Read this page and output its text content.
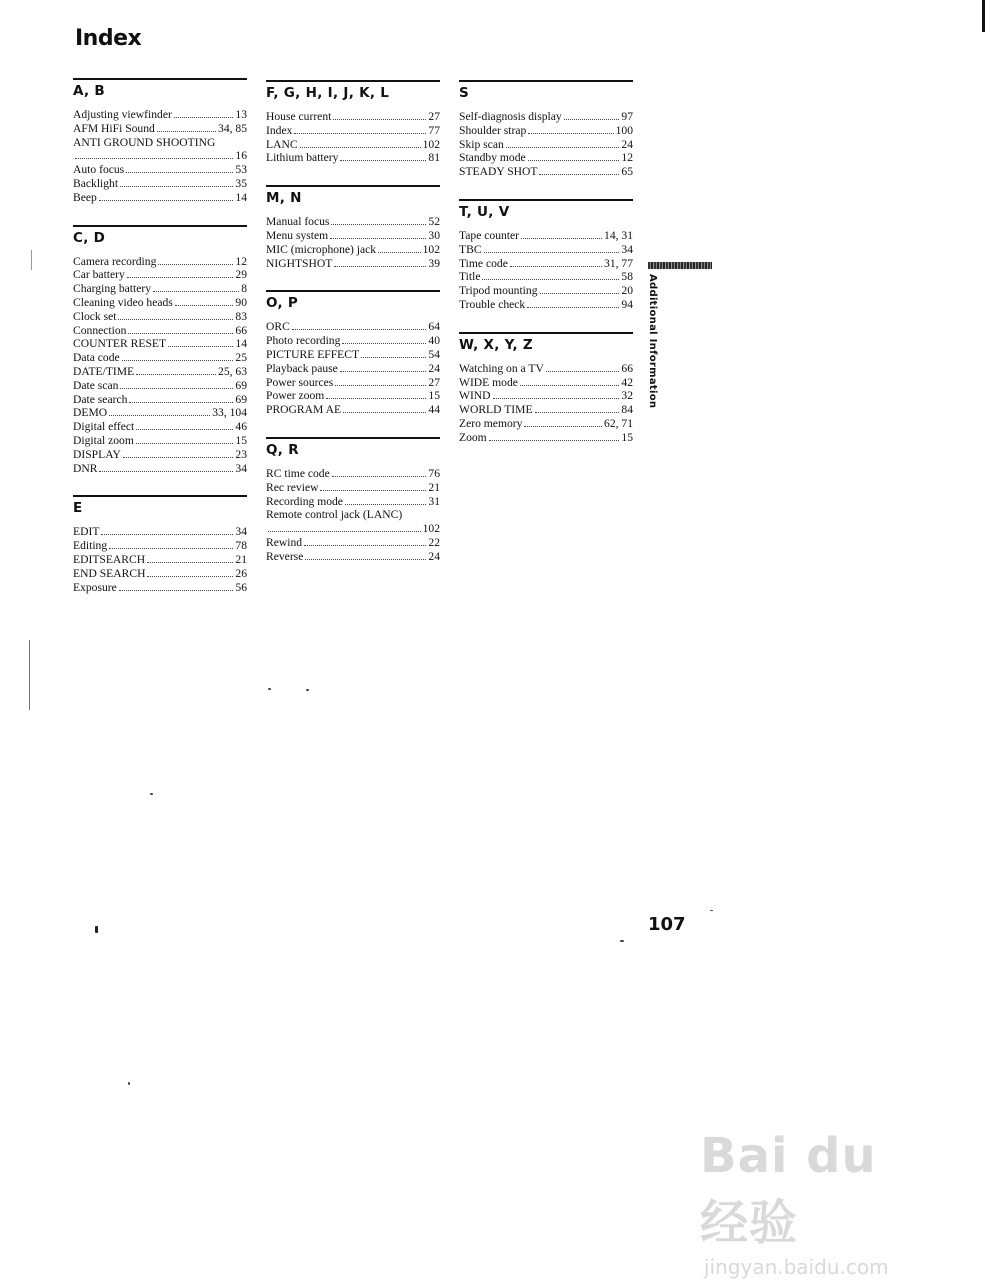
Index
A, B
Adjusting viewfinder	13
AFM HiFi Sound	34, 85
ANTI GROUND SHOOTING
16
Auto focus	53
Backlight	35
Beep	14
C, D
Camera recording	12
Car battery	29
Charging battery	8
Cleaning video heads	90
Clock set	83
Connection	66
COUNTER RESET	14
Data code	25
DATE/TIME	25, 63
Date scan	69
Date search	69
DEMO	33, 104
Digital effect	46
Digital zoom	15
DISPLAY	23
DNR	34
E
EDIT	34
Editing	78
EDITSEARCH	21
END SEARCH	26
Exposure	56
F, G, H, I, J, K, L
House current	27
Index	77
LANC	102
Lithium battery	81
M, N
Manual focus	52
Menu system	30
MIC (microphone) jack	102
NIGHTSHOT	39
O, P
ORC	64
Photo recording	40
PICTURE EFFECT	54
Playback pause	24
Power sources	27
Power zoom	15
PROGRAM AE	44
Q, R
RC time code	76
Rec review	21
Recording mode	31
Remote control jack (LANC)
102
Rewind	22
Reverse	24
S
Self-diagnosis display	97
Shoulder strap	100
Skip scan	24
Standby mode	12
STEADY SHOT	65
T, U, V
Tape counter	14, 31
TBC	34
Time code	31, 77
Title	58
Tripod mounting	20
Trouble check	94
W, X, Y, Z
Watching on a TV	66
WIDE mode	42
WIND	32
WORLD TIME	84
Zero memory	62, 71
Zoom	15
Additional Information
107
Bai du 经验
jingyan.baidu.com
